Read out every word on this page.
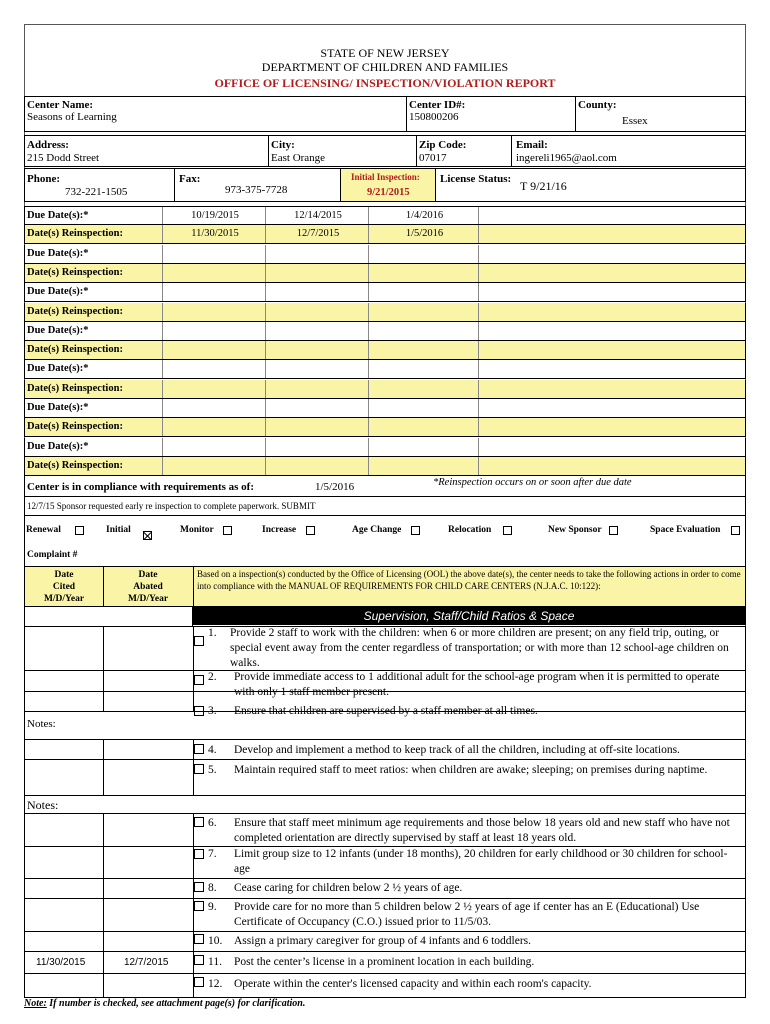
STATE OF NEW JERSEY
DEPARTMENT OF CHILDREN AND FAMILIES
OFFICE OF LICENSING/ INSPECTION/VIOLATION REPORT
Center Name:
Seasons of Learning
Center ID#:
150800206
County:
Essex
Address:
215 Dodd Street
City:
East Orange
Zip Code:
07017
Email:
ingereli1965@aol.com
Phone:
732-221-1505
Fax:
973-375-7728
Initial Inspection:
9/21/2015
License Status: T 9/21/16
Due Date(s):*	10/19/2015	12/14/2015	1/4/2016
Date(s) Reinspection:	11/30/2015	12/7/2015	1/5/2016
Due Date(s):*
Date(s) Reinspection:
Due Date(s):*
Date(s) Reinspection:
Due Date(s):*
Date(s) Reinspection:
Due Date(s):*
Date(s) Reinspection:
Due Date(s):*
Date(s) Reinspection:
Due Date(s):*
Date(s) Reinspection:
Center is in compliance with requirements as of:	1/5/2016	*Reinspection occurs on or soon after due date
12/7/15 Sponsor requested early re inspection to complete paperwork. SUBMIT
Renewal	Initial	Monitor	Increase	Age Change	Relocation	New Sponsor	Space Evaluation
Complaint #
Date
Cited
M/D/Year
Date
Abated
M/D/Year
Based on a inspection(s) conducted by the Office of Licensing (OOL) the above date(s), the center needs to take the following actions in order to come into compliance with the MANUAL OF REQUIREMENTS FOR CHILD CARE CENTERS (N.J.A.C. 10:122):
Supervision, Staff/Child Ratios & Space
Notes:
Notes:
1. Provide 2 staff to work with the children: when 6 or more children are present; on any field trip, outing, or special event away from the center regardless of transportation; or with more than 12 school-age children on walks.
2. Provide immediate access to 1 additional adult for the school-age program when it is permitted to operate with only 1 staff member present.
3. Ensure that children are supervised by a staff member at all times.
4. Develop and implement a method to keep track of all the children, including at off-site locations.
5. Maintain required staff to meet ratios: when children are awake; sleeping; on premises during naptime.
6. Ensure that staff meet minimum age requirements and those below 18 years old and new staff who have not completed orientation are directly supervised by staff at least 18 years old.
7. Limit group size to 12 infants (under 18 months), 20 children for early childhood or 30 children for school-age
8. Cease caring for children below 2 ½ years of age.
9. Provide care for no more than 5 children below 2 ½ years of age if center has an E (Educational) Use Certificate of Occupancy (C.O.) issued prior to 11/5/03.
10. Assign a primary caregiver for group of 4 infants and 6 toddlers.
11. Post the center’s license in a prominent location in each building.
11/30/2015	12/7/2015
12. Operate within the center's licensed capacity and within each room's capacity.
Note: If number is checked, see attachment page(s) for clarification.
